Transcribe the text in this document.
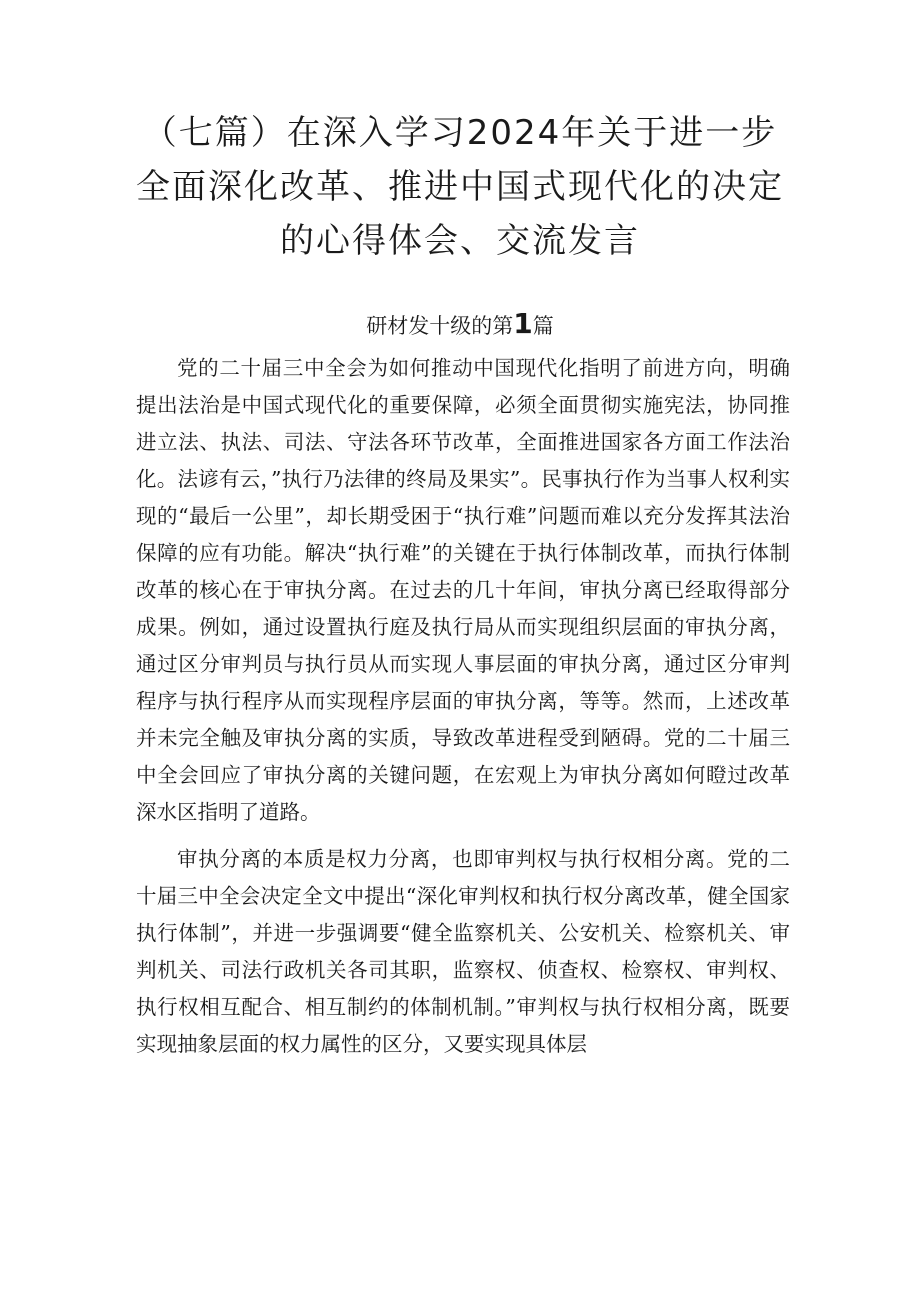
（七篇）在深入学习2024年关于进一步全面深化改革、推进中国式现代化的决定的心得体会、交流发言

研材发十级的第1篇

党的二十届三中全会为如何推动中国现代化指明了前进方向，明确提出法治是中国式现代化的重要保障，必须全面贯彻实施宪法，协同推进立法、执法、司法、守法各环节改革，全面推进国家各方面工作法治化。法谚有云，”执行乃法律的终局及果实”。民事执行作为当事人权利实现的“最后一公里”，却长期受困于“执行难”问题而难以充分发挥其法治保障的应有功能。解决“执行难”的关键在于执行体制改革，而执行体制改革的核心在于审执分离。在过去的几十年间，审执分离已经取得部分成果。例如，通过设置执行庭及执行局从而实现组织层面的审执分离，通过区分审判员与执行员从而实现人事层面的审执分离，通过区分审判程序与执行程序从而实现程序层面的审执分离，等等。然而，上述改革并未完全触及审执分离的实质，导致改革进程受到陋碍。党的二十届三中全会回应了审执分离的关键问题，在宏观上为审执分离如何瞪过改革深水区指明了道路。

审执分离的本质是权力分离，也即审判权与执行权相分离。党的二十届三中全会决定全文中提出“深化审判权和执行权分离改革，健全国家执行体制”，并进一步强调要“健全监察机关、公安机关、检察机关、审判机关、司法行政机关各司其职，监察权、侦查权、检察权、审判权、执行权相互配合、相互制约的体制机制。”审判权与执行权相分离，既要实现抽象层面的权力属性的区分，又要实现具体层
